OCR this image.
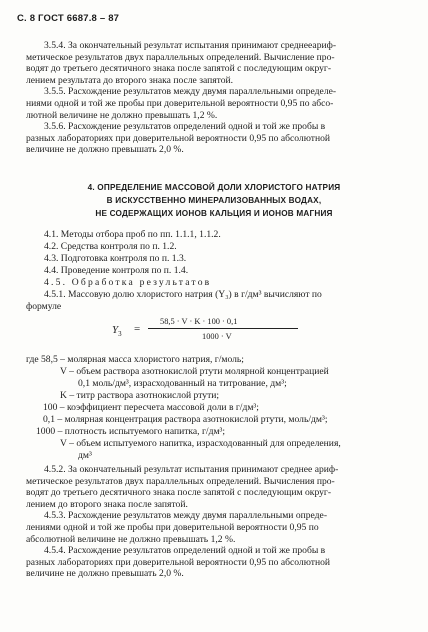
С. 8 ГОСТ 6687.8 – 87

3.5.4. За окончательный результат испытания принимают среднееариф-
метическое результатов двух параллельных определений. Вычисление про-
водят до третьего десятичного знака после запятой с последующим округ-
лением результата до второго знака после запятой.

3.5.5. Расхождение результатов между двумя параллельными определе-
ниями одной и той же пробы при доверительной вероятности 0,95 по абсо-
лютной величине не должно превышать 1,2 %.

3.5.6. Расхождение результатов определений одной и той же пробы в
разных лабораториях при доверительной вероятности 0,95 по абсолютной
величине не должно превышать 2,0 %.

4. ОПРЕДЕЛЕНИЕ МАССОВОЙ ДОЛИ ХЛОРИСТОГО НАТРИЯ
В ИСКУССТВЕННО МИНЕРАЛИЗОВАННЫХ ВОДАХ,
НЕ СОДЕРЖАЩИХ ИОНОВ КАЛЬЦИЯ И ИОНОВ МАГНИЯ
4.1. Методы отбора проб по пп. 1.1.1, 1.1.2.
4.2. Средства контроля по п. 1.2.
4.3. Подготовка контроля по п. 1.3.
4.4. Проведение контроля по п. 1.4.
4.5. Обработка результатов

4.5.1. Массовую долю хлористого натрия (Y₃) в г/дм³ вычисляют по
формуле

$Y_3$ =
58,5 · V · K · 100 · 0,1
1000 · V
где 58,5 – молярная масса хлористого натрия, г/моль;
V – объем раствора азотнокислой ртути молярной концентрацией
0,1 моль/дм³, израсходованный на титрование, дм³;
K – титр раствора азотнокислой ртути;
100 – коэффициент пересчета массовой доли в г/дм³;
0,1 – молярная концентрация раствора азотнокислой ртути, моль/дм³;
1000 – плотность испытуемого напитка, г/дм³;
V – объем испытуемого напитка, израсходованный для определения,
дм³

4.5.2. За окончательный результат испытания принимают среднее ариф-
метическое результатов двух параллельных определений. Вычисления про-
водят до третьего десятичного знака после запятой с последующим округ-
лением до второго знака после запятой.

4.5.3. Расхождение результатов между двумя параллельными опреде-
лениями одной и той же пробы при доверительной вероятности 0,95 по
абсолютной величине не должно превышать 1,2 %.

4.5.4. Расхождение результатов определений одной и той же пробы в
разных лабораториях при доверительной вероятности 0,95 по абсолютной
величине не должно превышать 2,0 %.
